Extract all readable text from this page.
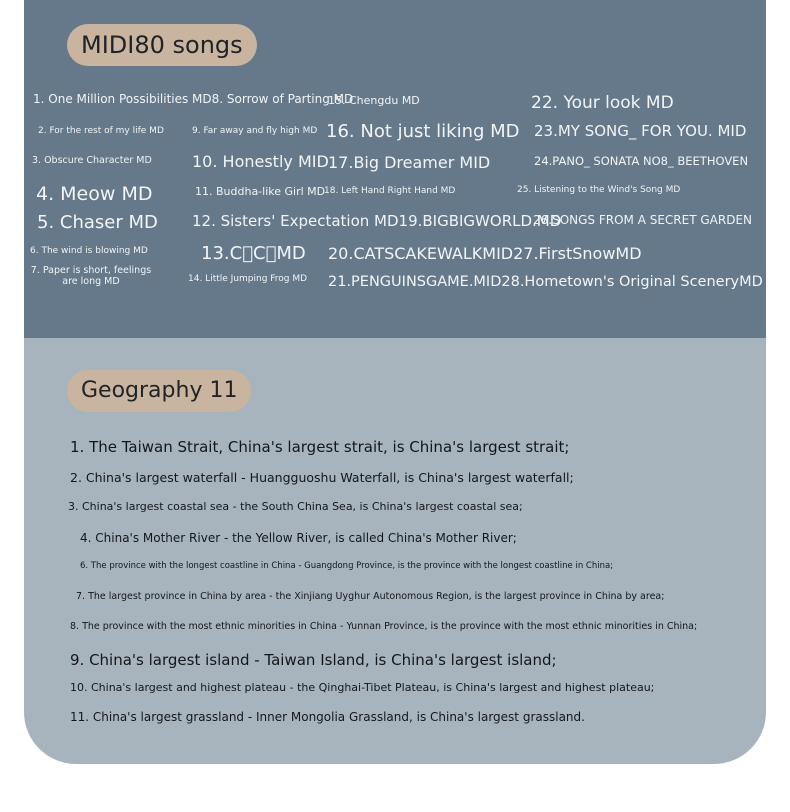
MIDI80 songs
1. One Million Possibilities MD8. Sorrow of Parting MD
2. For the rest of my life MD
3. Obscure Character MD
4. Meow MD
5. Chaser MD
6. The wind is blowing MD
7. Paper is short, feelings are long MD
9. Far away and fly high MD
10. Honestly MID
11. Buddha-like Girl MD
12. Sisters' Expectation MD19.BIGBIGWORLD.MD
13.C C MD
14. Little Jumping Frog MD
15. Chengdu MD
16. Not just liking MD
17.Big Dreamer MID
18. Left Hand Right Hand MD
20.CATSCAKEWALKMID27.FirstSnowMD
21.PENGUINSGAME.MID28.Hometown's Original SceneryMD
22. Your look MD
23.MY SONG_ FOR YOU. MID
24.PANO_ SONATA NO8_ BEETHOVEN
25. Listening to the Wind's Song MD
26.SONGS FROM A SECRET GARDEN
Geography 11
1. The Taiwan Strait, China's largest strait, is China's largest strait;
2. China's largest waterfall - Huangguoshu Waterfall, is China's largest waterfall;
3. China's largest coastal sea - the South China Sea, is China's largest coastal sea;
4. China's Mother River - the Yellow River, is called China's Mother River;
6. The province with the longest coastline in China - Guangdong Province, is the province with the longest coastline in China;
7. The largest province in China by area - the Xinjiang Uyghur Autonomous Region, is the largest province in China by area;
8. The province with the most ethnic minorities in China - Yunnan Province, is the province with the most ethnic minorities in China;
9. China's largest island - Taiwan Island, is China's largest island;
10. China's largest and highest plateau - the Qinghai-Tibet Plateau, is China's largest and highest plateau;
11. China's largest grassland - Inner Mongolia Grassland, is China's largest grassland.
